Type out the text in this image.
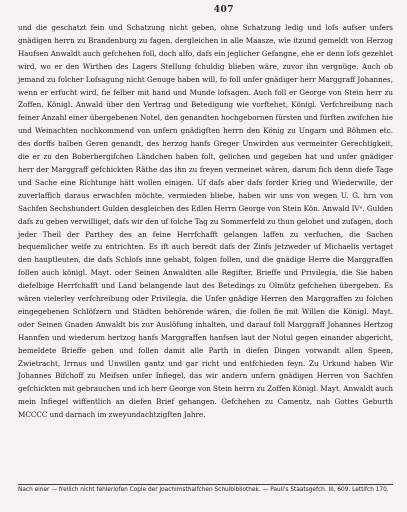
407

und die geschatzt fein und Schatzung nicht geben, ohne Schatzung ledig und lofs aufser unfers gnädigen herrn zu Brandenburg zu fagen, dergleichen in alle Maasze, wie itzund gemeldt von Herzog Haufsen Anwaldt auch gefchehen foll, doch alfo, dafs ein jeglicher Gefangne, ehe er denn lofs gezehlet wird, wo er den Wirthen des Lagers Stellung fchuldig blieben wäre, zuvor ihn vergnüge. Auch ob jemand zu folcher Lofsagung nicht Genuge haben will, fo foll unfer gnädiger herr Marggraff Johannes, wenn er erfucht wird, fie felber mit hand und Munde lofsagen. Auch foll er George von Stein herr zu Zoffen, Königl. Anwald über den Vertrag und Betedigung wie vorftehet, Königl. Verfchreibung nach feiner Anzahl einer übergebenen Notel, den genandten hochgebornen fürsten und fürften zwifchen hie und Weinachten nochkommend von unfern gnädigften herrn den König zu Ungarn und Böhmen etc. des dorffs halben Geren genandt, des herzog hanfs Greger Unwirden aus vermeinter Gerechtigkeit, die er zu den Boberbergifchen Ländchen haben folt, gelichen und gegeben hat und unfer gnädiger herr der Marggraff gefchickten Räthe das ihn zu freyen vermeinet wären, darum fich denn diefe Tage und Sache eine Richtunge hätt wollen einigen. Uf dafs aber dafs forder Krieg und Wiederwille, der zuverlaffich daraus erwachfen möchte, vermieden bliebe, haben wir uns von wegen U. G. hrn von Sachfen Sechshundert Gulden desgleichen des Edlen Herrn George von Stein Kön. Anwald IVᵉ. Gulden dafs zu geben verwilliget, dafs wir den uf folche Tag zu Sommerfeld zu thun gelobet und zufagen, doch jeder Theil der Parthey des an feine Herrfchafft gelangen laffen zu verfuchen, die Sachen bequemlicher weife zu entrichten. Es ift auch beredt dafs der Zinfs jetzweder uf Michaelis vertaget den hauptleuten, die dafs Schlofs inne gehabt, folgen follen, und die gnädige Herre die Marggraffen follen auch königl. Mayt. oder Seinen Anwaldten alle Regifter, Brieffe und Privilegia, die Sie haben diefelbige Herrfchafft und Land belangende laut des Betedings zu Olmütz gefchehen übergeben. Es wären vielerley verfchreibung oder Privilegia, die Unfer gnädige Herren den Marggraffen zu folchen eingegebenen Schlöfzern und Städten behörende wären, die follen fie mit Willen die Königl. Mayt. oder Seinen Gnaden Anwaldt bis zur Auslöfung inhalten, und darauf foll Marggraff Johannes Hertzog Hannfen und wiederum hertzog hanfs Marggraffen hanfsen laut der Notul gegen einander abgericht, bemeldete Brieffe geben und follen damit alle Parth in diefen Dingen vorwandt allen Speen, Zwietracht, Irrnus und Unwillen gantz und gar richt und entfchieden feyn. Zu Urkund haben Wir Johannes Bifchoff zu Meifsen unfer Infiegel, das wir andern unfern gnädigen Herren von Sachfen gefchickten mit gebrauchen und ich herr George von Stein herrn zu Zoffen Königl. Mayt. Anwaldt auch mein Infiegel wiffentlich an diefen Brief gehangen. Gefchehen zu Camentz, nah Gottes Geburth MCCCC und darnach im zweyundachtzigften Jahre.

Nach einer — freilich nicht fehlerlofen Copie der Joachimsthalfchen Schulbibliothek. — Pauli's Staatsgefch. III, 609. Lettifch 170.
